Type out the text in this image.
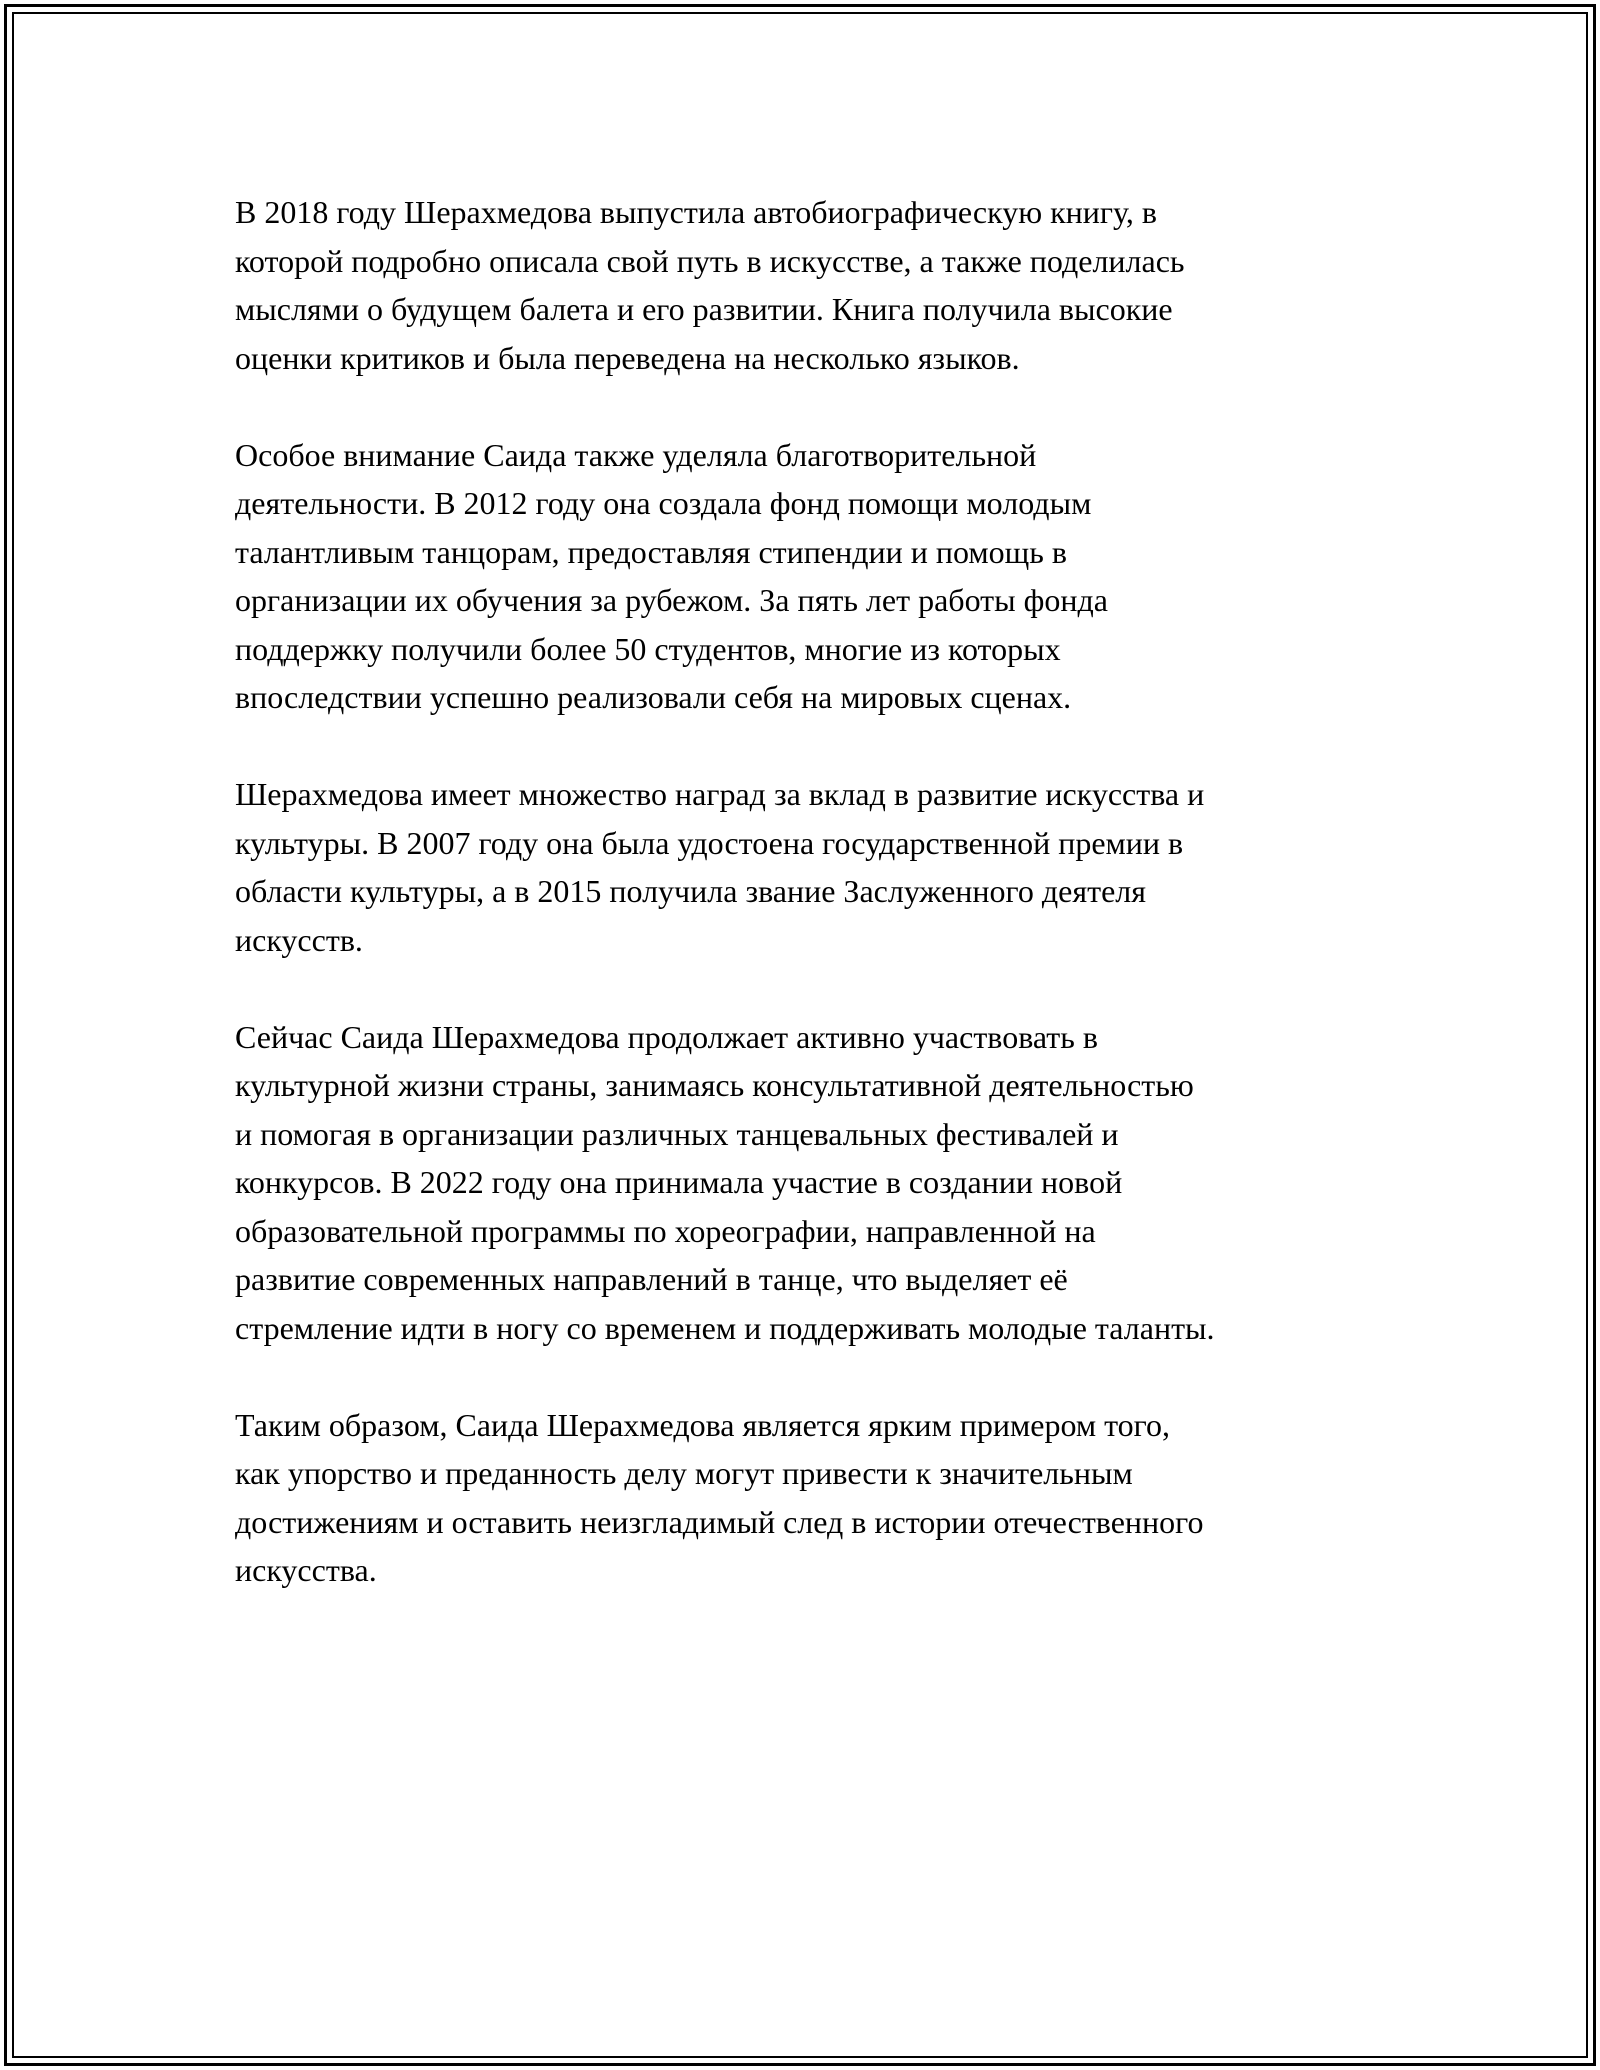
В 2018 году Шерахмедова выпустила автобиографическую книгу, в
которой подробно описала свой путь в искусстве, а также поделилась
мыслями о будущем балета и его развитии. Книга получила высокие
оценки критиков и была переведена на несколько языков.

Особое внимание Саида также уделяла благотворительной
деятельности. В 2012 году она создала фонд помощи молодым
талантливым танцорам, предоставляя стипендии и помощь в
организации их обучения за рубежом. За пять лет работы фонда
поддержку получили более 50 студентов, многие из которых
впоследствии успешно реализовали себя на мировых сценах.

Шерахмедова имеет множество наград за вклад в развитие искусства и
культуры. В 2007 году она была удостоена государственной премии в
области культуры, а в 2015 получила звание Заслуженного деятеля
искусств.

Сейчас Саида Шерахмедова продолжает активно участвовать в
культурной жизни страны, занимаясь консультативной деятельностью
и помогая в организации различных танцевальных фестивалей и
конкурсов. В 2022 году она принимала участие в создании новой
образовательной программы по хореографии, направленной на
развитие современных направлений в танце, что выделяет её
стремление идти в ногу со временем и поддерживать молодые таланты.

Таким образом, Саида Шерахмедова является ярким примером того,
как упорство и преданность делу могут привести к значительным
достижениям и оставить неизгладимый след в истории отечественного
искусства.
